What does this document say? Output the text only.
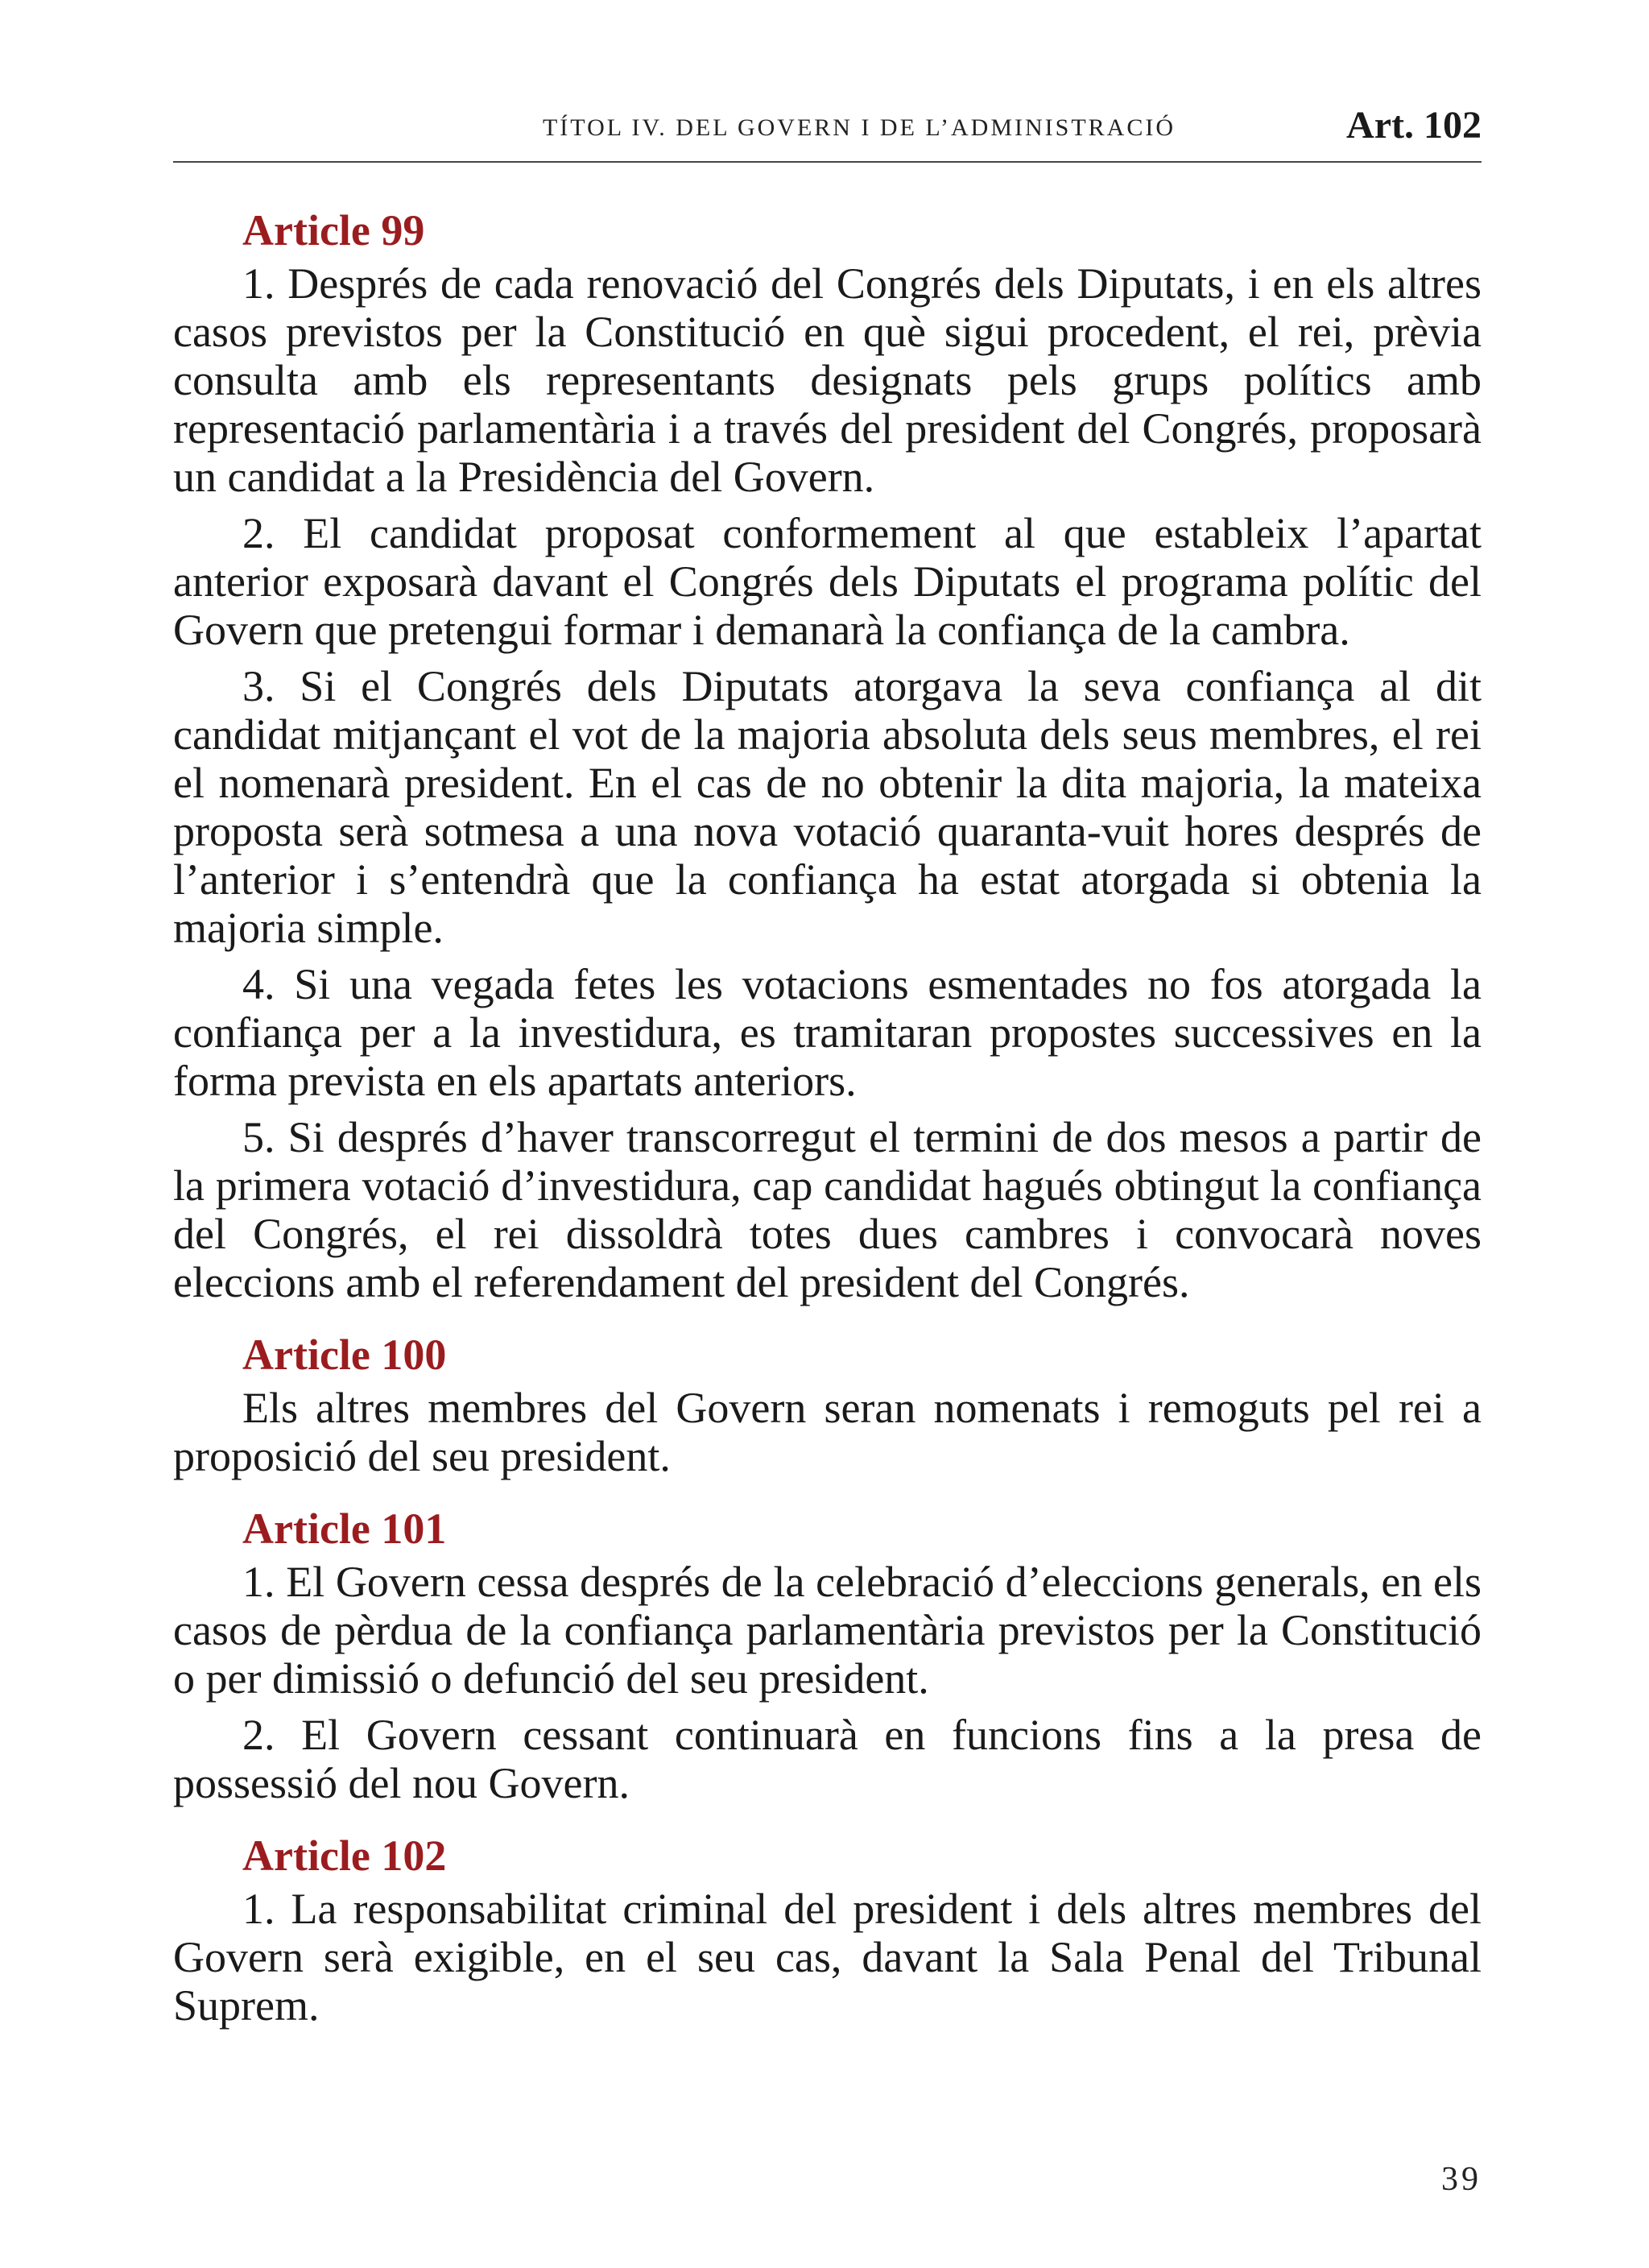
TÍTOL IV. DEL GOVERN I DE L’ADMINISTRACIÓ	Art. 102
Article 99

1. Després de cada renovació del Congrés dels Diputats, i en els altres casos previstos per la Constitució en què sigui procedent, el rei, prèvia consulta amb els representants designats pels grups polítics amb representació parlamentària i a través del president del Congrés, proposarà un candidat a la Presidència del Govern.

2. El candidat proposat conformement al que estableix l’apartat anterior exposarà davant el Congrés dels Diputats el programa polític del Govern que pretengui formar i demanarà la confiança de la cambra.

3. Si el Congrés dels Diputats atorgava la seva confiança al dit candidat mitjançant el vot de la majoria absoluta dels seus membres, el rei el nomenarà president. En el cas de no obtenir la dita majoria, la mateixa proposta serà sotmesa a una nova votació quaranta-vuit hores després de l’anterior i s’entendrà que la confiança ha estat atorgada si obtenia la majoria simple.

4. Si una vegada fetes les votacions esmentades no fos atorgada la confiança per a la investidura, es tramitaran propostes successives en la forma prevista en els apartats anteriors.

5. Si després d’haver transcorregut el termini de dos mesos a partir de la primera votació d’investidura, cap candidat hagués obtingut la confiança del Congrés, el rei dissoldrà totes dues cambres i convocarà noves eleccions amb el referendament del president del Congrés.

Article 100

Els altres membres del Govern seran nomenats i remoguts pel rei a proposició del seu president.

Article 101

1. El Govern cessa després de la celebració d’eleccions generals, en els casos de pèrdua de la confiança parlamentària previstos per la Constitució o per dimissió o defunció del seu president.

2. El Govern cessant continuarà en funcions fins a la presa de possessió del nou Govern.

Article 102

1. La responsabilitat criminal del president i dels altres membres del Govern serà exigible, en el seu cas, davant la Sala Penal del Tribunal Suprem.

39
